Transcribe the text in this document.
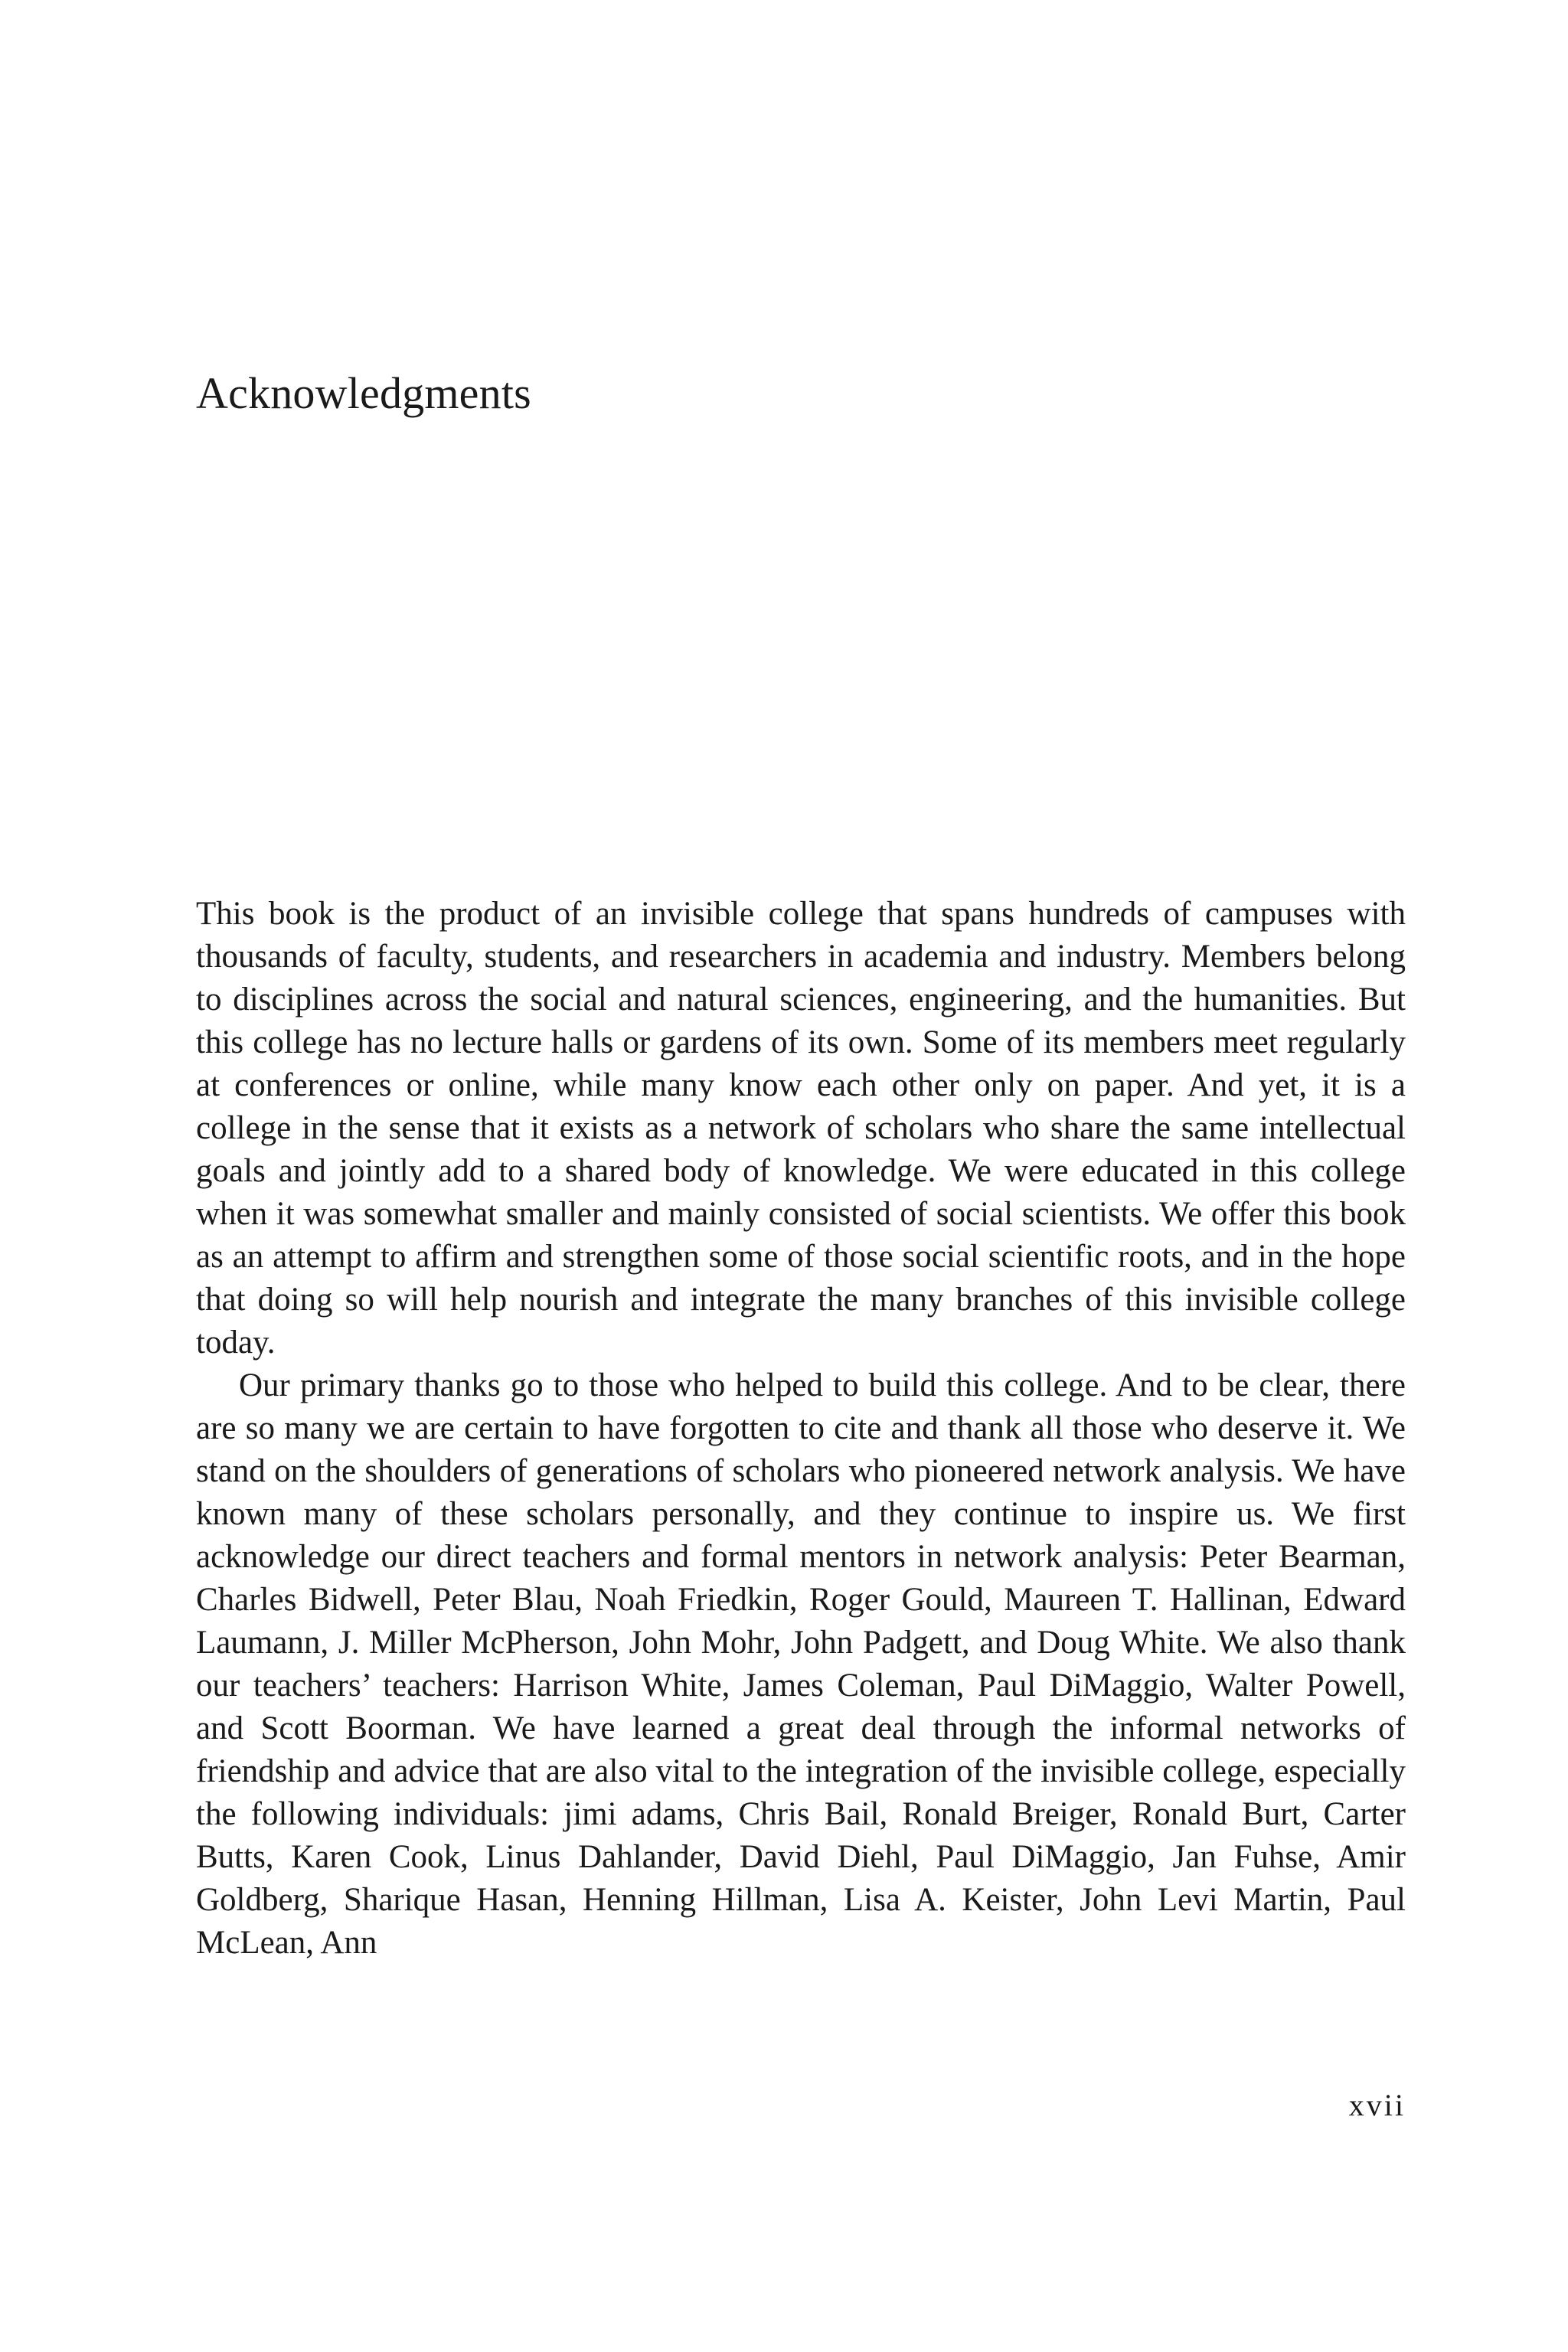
Acknowledgments

This book is the product of an invisible college that spans hundreds of campuses with thousands of faculty, students, and researchers in academia and industry. Members belong to disciplines across the social and natural sciences, engineering, and the humanities. But this college has no lecture halls or gardens of its own. Some of its members meet regularly at conferences or online, while many know each other only on paper. And yet, it is a college in the sense that it exists as a network of scholars who share the same intellectual goals and jointly add to a shared body of knowledge. We were educated in this college when it was somewhat smaller and mainly consisted of social scientists. We offer this book as an attempt to affirm and strengthen some of those social scientific roots, and in the hope that doing so will help nourish and integrate the many branches of this invisible college today.

Our primary thanks go to those who helped to build this college. And to be clear, there are so many we are certain to have forgotten to cite and thank all those who deserve it. We stand on the shoulders of generations of scholars who pioneered network analysis. We have known many of these scholars personally, and they continue to inspire us. We first acknowledge our direct teachers and formal mentors in network analysis: Peter Bearman, Charles Bidwell, Peter Blau, Noah Friedkin, Roger Gould, Maureen T. Hallinan, Edward Laumann, J. Miller McPherson, John Mohr, John Padgett, and Doug White. We also thank our teachers’ teachers: Harrison White, James Coleman, Paul DiMaggio, Walter Powell, and Scott Boorman. We have learned a great deal through the informal networks of friendship and advice that are also vital to the integration of the invisible college, especially the following individuals: jimi adams, Chris Bail, Ronald Breiger, Ronald Burt, Carter Butts, Karen Cook, Linus Dahlander, David Diehl, Paul DiMaggio, Jan Fuhse, Amir Goldberg, Sharique Hasan, Henning Hillman, Lisa A. Keister, John Levi Martin, Paul McLean, Ann

xvii
